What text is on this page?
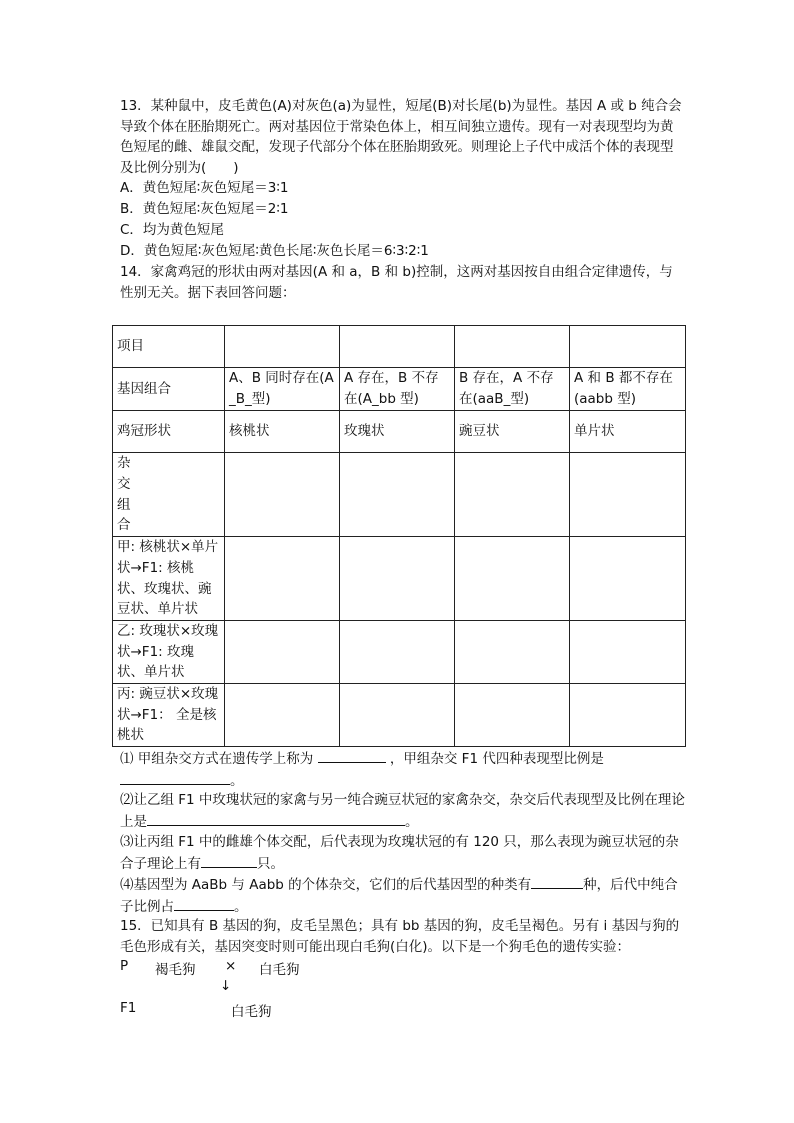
13．某种鼠中，皮毛黄色(A)对灰色(a)为显性，短尾(B)对长尾(b)为显性。基因 A 或 b 纯合会导致个体在胚胎期死亡。两对基因位于常染色体上，相互间独立遗传。现有一对表现型均为黄色短尾的雌、雄鼠交配，发现子代部分个体在胚胎期致死。则理论上子代中成活个体的表现型及比例分别为(　　)

A．黄色短尾∶灰色短尾＝3∶1

B．黄色短尾∶灰色短尾＝2∶1

C．均为黄色短尾

D．黄色短尾∶灰色短尾∶黄色长尾∶灰色长尾＝6∶3∶2∶1

14．家禽鸡冠的形状由两对基因(A 和 a，B 和 b)控制，这两对基因按自由组合定律遗传，与性别无关。据下表回答问题：

项目				
基因组合	A、B 同时存在(A_B_型)	A 存在，B 不存在(A_bb 型)	B 存在，A 不存在(aaB_型)	A 和 B 都不存在(aabb 型)
鸡冠形状	核桃状	玫瑰状	豌豆状	单片状
杂交组合				
甲: 核桃状×单片状→F1: 核桃状、玫瑰状、豌豆状、单片状				
乙: 玫瑰状×玫瑰状→F1: 玫瑰状、单片状				
丙: 豌豆状×玫瑰状→F1： 全是核桃状				

⑴ 甲组杂交方式在遗传学上称为	，甲组杂交 F1 代四种表现型比例是
。

⑵让乙组 F1 中玫瑰状冠的家禽与另一纯合豌豆状冠的家禽杂交，杂交后代表现型及比例在理论上是	。

⑶让丙组 F1 中的雌雄个体交配，后代表现为玫瑰状冠的有 120 只，那么表现为豌豆状冠的杂合子理论上有	只。

⑷基因型为 AaBb 与 Aabb 的个体杂交，它们的后代基因型的种类有	种，后代中纯合子比例占	。

15．已知具有 B 基因的狗，皮毛呈黑色；具有 bb 基因的狗，皮毛呈褐色。另有 i 基因与狗的毛色形成有关，基因突变时则可能出现白毛狗(白化)。以下是一个狗毛色的遗传实验：

P 褐毛狗 × 白毛狗
↓
F1	白毛狗
